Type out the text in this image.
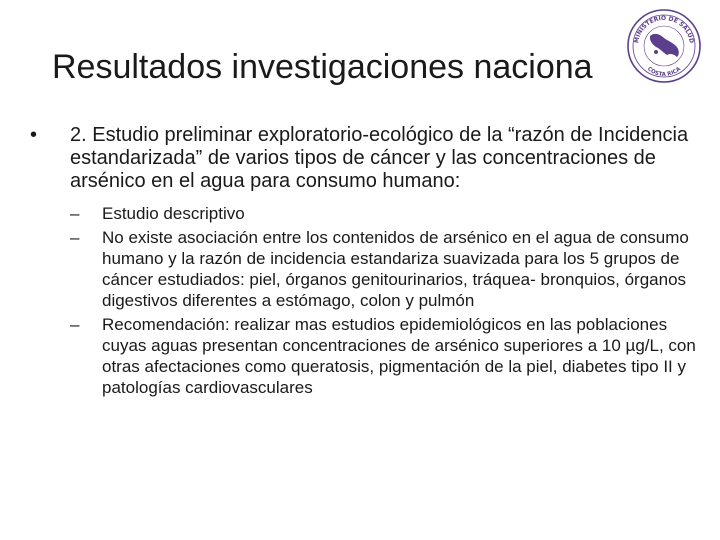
Resultados investigaciones naciona
MINISTERIO DE SALUD
COSTA RICA
•	2. Estudio preliminar exploratorio-ecológico de la “razón de Incidencia estandarizada” de varios tipos de cáncer y las concentraciones de arsénico en el agua para consumo humano:
–	Estudio descriptivo
–	No existe asociación entre los contenidos de arsénico en el agua de consumo humano y la razón de incidencia estandariza suavizada para los 5 grupos de cáncer estudiados: piel, órganos genitourinarios, tráquea- bronquios, órganos digestivos diferentes a estómago, colon y pulmón
–	Recomendación: realizar mas estudios epidemiológicos en las poblaciones cuyas aguas presentan concentraciones de arsénico superiores a 10 µg/L, con otras afectaciones como queratosis, pigmentación de la piel, diabetes tipo II y patologías cardiovasculares
